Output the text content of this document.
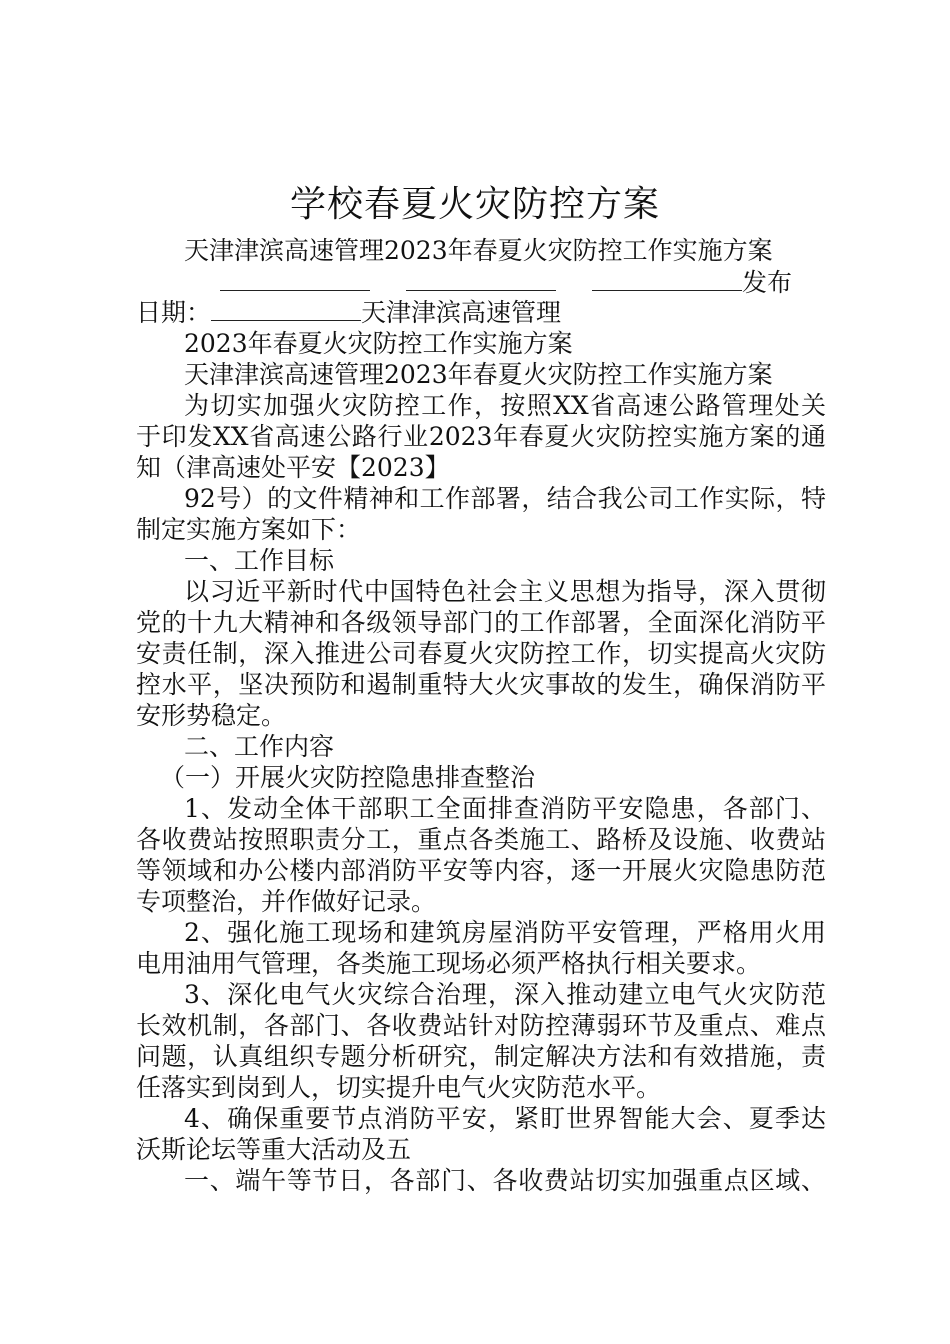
学校春夏火灾防控方案
天津津滨高速管理2023年春夏火灾防控工作实施方案
发布
日期：	天津津滨高速管理
2023年春夏火灾防控工作实施方案
天津津滨高速管理2023年春夏火灾防控工作实施方案
为切实加强火灾防控工作，按照XX省高速公路管理处关
于印发XX省高速公路行业2023年春夏火灾防控实施方案的通
知（津高速处平安【2023】
92号）的文件精神和工作部署，结合我公司工作实际，特
制定实施方案如下：
一、工作目标
以习近平新时代中国特色社会主义思想为指导，深入贯彻
党的十九大精神和各级领导部门的工作部署，全面深化消防平
安责任制，深入推进公司春夏火灾防控工作，切实提高火灾防
控水平，坚决预防和遏制重特大火灾事故的发生，确保消防平
安形势稳定。
二、工作内容
（一）开展火灾防控隐患排查整治
1、发动全体干部职工全面排查消防平安隐患，各部门、
各收费站按照职责分工，重点各类施工、路桥及设施、收费站
等领域和办公楼内部消防平安等内容，逐一开展火灾隐患防范
专项整治，并作做好记录。
2、强化施工现场和建筑房屋消防平安管理，严格用火用
电用油用气管理，各类施工现场必须严格执行相关要求。
3、深化电气火灾综合治理，深入推动建立电气火灾防范
长效机制，各部门、各收费站针对防控薄弱环节及重点、难点
问题，认真组织专题分析研究，制定解决方法和有效措施，责
任落实到岗到人，切实提升电气火灾防范水平。
4、确保重要节点消防平安，紧盯世界智能大会、夏季达
沃斯论坛等重大活动及五
一、端午等节日，各部门、各收费站切实加强重点区域、
